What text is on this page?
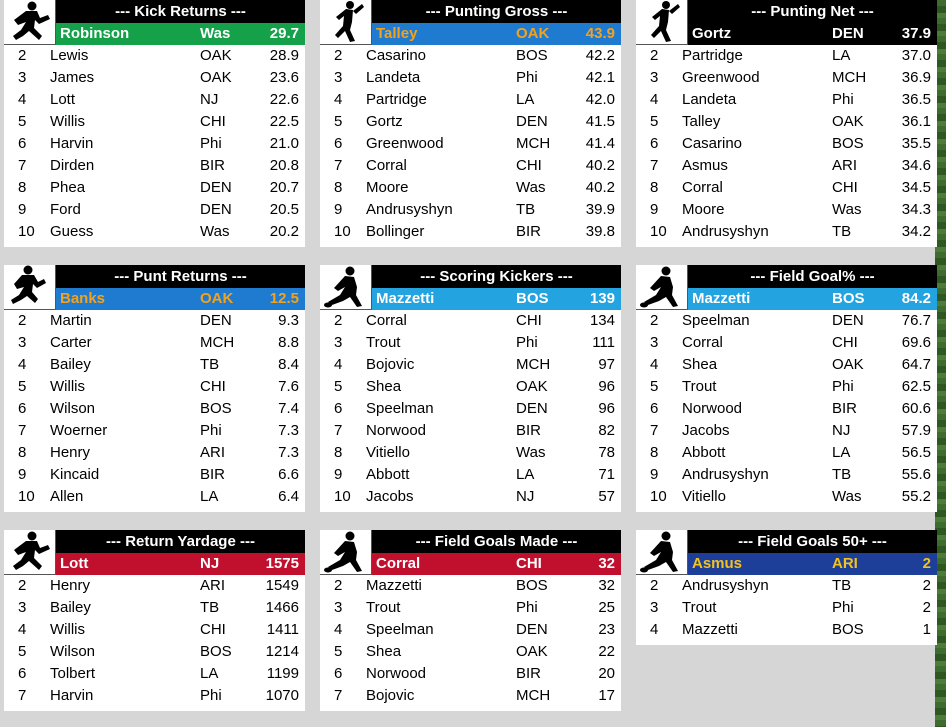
--- Kick Returns ---
Robinson	Was	29.7
2	Lewis	OAK	28.9
3	James	OAK	23.6
4	Lott	NJ	22.6
5	Willis	CHI	22.5
6	Harvin	Phi	21.0
7	Dirden	BIR	20.8
8	Phea	DEN	20.7
9	Ford	DEN	20.5
10	Guess	Was	20.2
--- Punting Gross ---
Talley	OAK 43.9
2	Casarino	BOS	42.2
3	Landeta	Phi	42.1
4	Partridge	LA	42.0
5	Gortz	DEN	41.5
6	Greenwood	MCH 41.4
7	Corral	CHI	40.2
8	Moore	Was	40.2
9	Andrusyshyn	TB	39.9
10	Bollinger	BIR	39.8
--- Punting Net ---
Gortz	DEN	37.9
2	Partridge	LA	37.0
3	Greenwood	MCH 36.9
4	Landeta	Phi	36.5
5	Talley	OAK	36.1
6	Casarino	BOS	35.5
7	Asmus	ARI	34.6
8	Corral	CHI	34.5
9	Moore	Was	34.3
10	Andrusyshyn	TB	34.2
--- Punt Returns ---
Banks	OAK 12.5
2	Martin	DEN	9.3
3	Carter	MCH	8.8
4	Bailey	TB	8.4
5	Willis	CHI	7.6
6	Wilson	BOS	7.4
7	Woerner	Phi	7.3
8	Henry	ARI	7.3
9	Kincaid	BIR	6.6
10	Allen	LA	6.4
--- Scoring Kickers ---
Mazzetti	BOS	139
2	Corral	CHI	134
3	Trout	Phi	111
4	Bojovic	MCH	97
5	Shea	OAK	96
6	Speelman	DEN	96
7	Norwood	BIR	82
8	Vitiello	Was	78
9	Abbott	LA	71
10	Jacobs	NJ	57
--- Field Goal% ---
Mazzetti	BOS 84.2
2	Speelman	DEN	76.7
3	Corral	CHI	69.6
4	Shea	OAK	64.7
5	Trout	Phi	62.5
6	Norwood	BIR	60.6
7	Jacobs	NJ	57.9
8	Abbott	LA	56.5
9	Andrusyshyn	TB	55.6
10	Vitiello	Was	55.2
--- Return Yardage ---
Lott	NJ	1575
2	Henry	ARI	1549
3	Bailey	TB	1466
4	Willis	CHI	1411
5	Wilson	BOS 1214
6	Tolbert	LA	1199
7	Harvin	Phi	1070
--- Field Goals Made ---
Corral	CHI	32
2	Mazzetti	BOS	32
3	Trout	Phi	25
4	Speelman	DEN	23
5	Shea	OAK	22
6	Norwood	BIR	20
7	Bojovic	MCH	17
--- Field Goals 50+ ---
Asmus	ARI	2
2	Andrusyshyn	TB	2
3	Trout	Phi	2
4	Mazzetti	BOS	1
